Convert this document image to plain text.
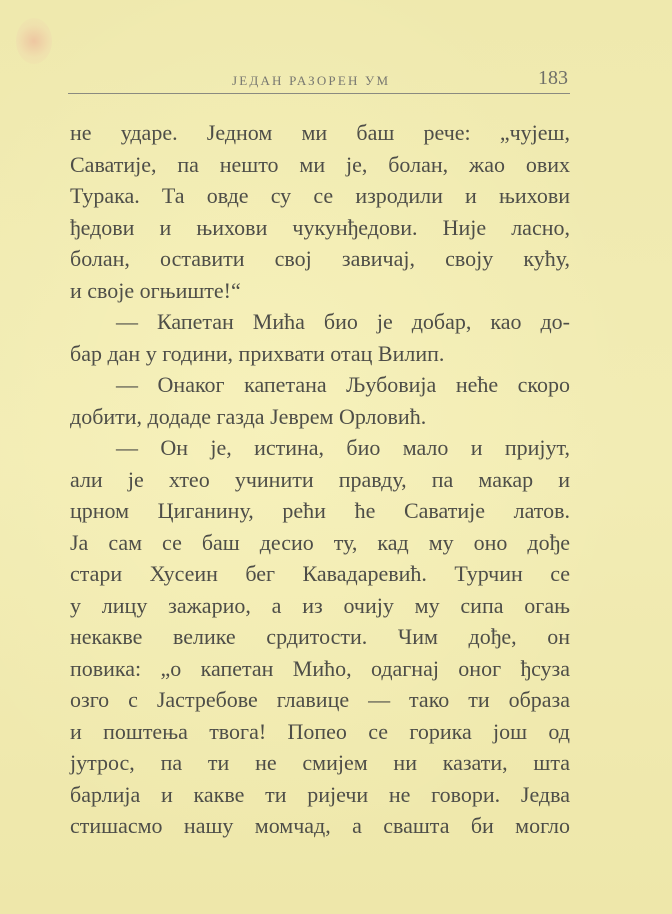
ЈЕДАН РАЗОРЕН УМ	183
не ударе. Једном ми баш рече: „чујеш,
Саватије, па нешто ми је, болан, жао ових
Турака. Та овде су се изродили и њихови
ђедови и њихови чукунђедови. Није ласно,
болан, оставити свој завичај, своју кућу,
и своје огњиште!“
— Капетан Мића био је добар, као до-
бар дан у години, прихвати отац Вилип.
— Онаког капетана Љубовија неће скоро
добити, додаде газда Јеврем Орловић.
— Он је, истина, био мало и пријут,
али је хтео учинити правду, па макар и
црном Циганину, рећи ће Саватије латов.
Ја сам се баш десио ту, кад му оно дође
стари Хусеин бег Кавадаревић. Турчин се
у лицу зажарио, а из очију му сипа огањ
некакве велике срдитости. Чим дође, он
повика: „о капетан Мићо, одагнај оног ђсуза
озго с Јастребове главице — тако ти образа
и поштења твога! Попео се горика још од
јутрос, па ти не смијем ни казати, шта
барлија и какве ти ријечи не говори. Једва
стишасмо нашу момчад, а свашта би могло
